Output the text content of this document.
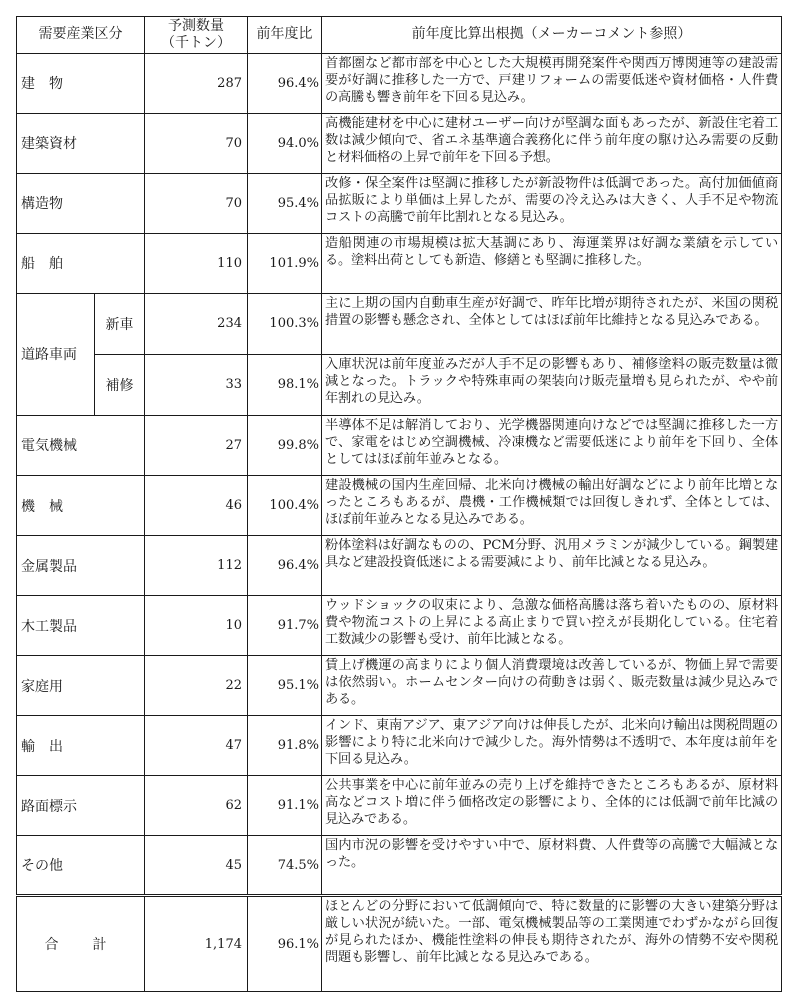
需要産業区分		予測数量
（千トン）	前年度比	前年度比算出根拠（メーカーコメント参照）
建　物		287	96.4%	首都圏など都市部を中心とした大規模再開発案件や関西万博関連等の建設需要が好調に推移した一方で、戸建リフォームの需要低迷や資材価格・人件費の高騰も響き前年を下回る見込み。

建築資材		70	94.0%	高機能建材を中心に建材ユーザー向けが堅調な面もあったが、新設住宅着工数は減少傾向で、省エネ基準適合義務化に伴う前年度の駆け込み需要の反動と材料価格の上昇で前年を下回る予想。

構造物		70	95.4%	改修・保全案件は堅調に推移したが新設物件は低調であった。高付加価値商品拡販により単価は上昇したが、需要の冷え込みは大きく、人手不足や物流コストの高騰で前年比割れとなる見込み。

船　舶		110	101.9%	造船関連の市場規模は拡大基調にあり、海運業界は好調な業績を示している。塗料出荷としても新造、修繕とも堅調に推移した。

道路車両	新車	234	100.3%	主に上期の国内自動車生産が好調で、昨年比増が期待されたが、米国の関税措置の影響も懸念され、全体としてはほぼ前年比維持となる見込みである。

	補修	33	98.1%	入庫状況は前年度並みだが人手不足の影響もあり、補修塗料の販売数量は微減となった。トラックや特殊車両の架装向け販売量増も見られたが、やや前年割れの見込み。

電気機械		27	99.8%	半導体不足は解消しており、光学機器関連向けなどでは堅調に推移した一方で、家電をはじめ空調機械、冷凍機など需要低迷により前年を下回り、全体としてはほぼ前年並みとなる。

機　械		46	100.4%	建設機械の国内生産回帰、北米向け機械の輸出好調などにより前年比増となったところもあるが、農機・工作機械類では回復しきれず、全体としては、ほぼ前年並みとなる見込みである。

金属製品		112	96.4%	粉体塗料は好調なものの、PCM分野、汎用メラミンが減少している。鋼製建具など建設投資低迷による需要減により、前年比減となる見込み。

木工製品		10	91.7%	ウッドショックの収束により、急激な価格高騰は落ち着いたものの、原材料費や物流コストの上昇による高止まりで買い控えが長期化している。住宅着工数減少の影響も受け、前年比減となる。

家庭用		22	95.1%	賃上げ機運の高まりにより個人消費環境は改善しているが、物価上昇で需要は依然弱い。ホームセンター向けの荷動きは弱く、販売数量は減少見込みである。

輸　出		47	91.8%	インド、東南アジア、東アジア向けは伸長したが、北米向け輸出は関税問題の影響により特に北米向けで減少した。海外情勢は不透明で、本年度は前年を下回る見込み。

路面標示		62	91.1%	公共事業を中心に前年並みの売り上げを維持できたところもあるが、原材料高などコスト増に伴う価格改定の影響により、全体的には低調で前年比減の見込みである。

その他		45	74.5%	国内市況の影響を受けやすい中で、原材料費、人件費等の高騰で大幅減となった。

合　計		1,174	96.1%	ほとんどの分野において低調傾向で、特に数量的に影響の大きい建築分野は厳しい状況が続いた。一部、電気機械製品等の工業関連でわずかながら回復が見られたほか、機能性塗料の伸長も期待されたが、海外の情勢不安や関税問題も影響し、前年比減となる見込みである。
